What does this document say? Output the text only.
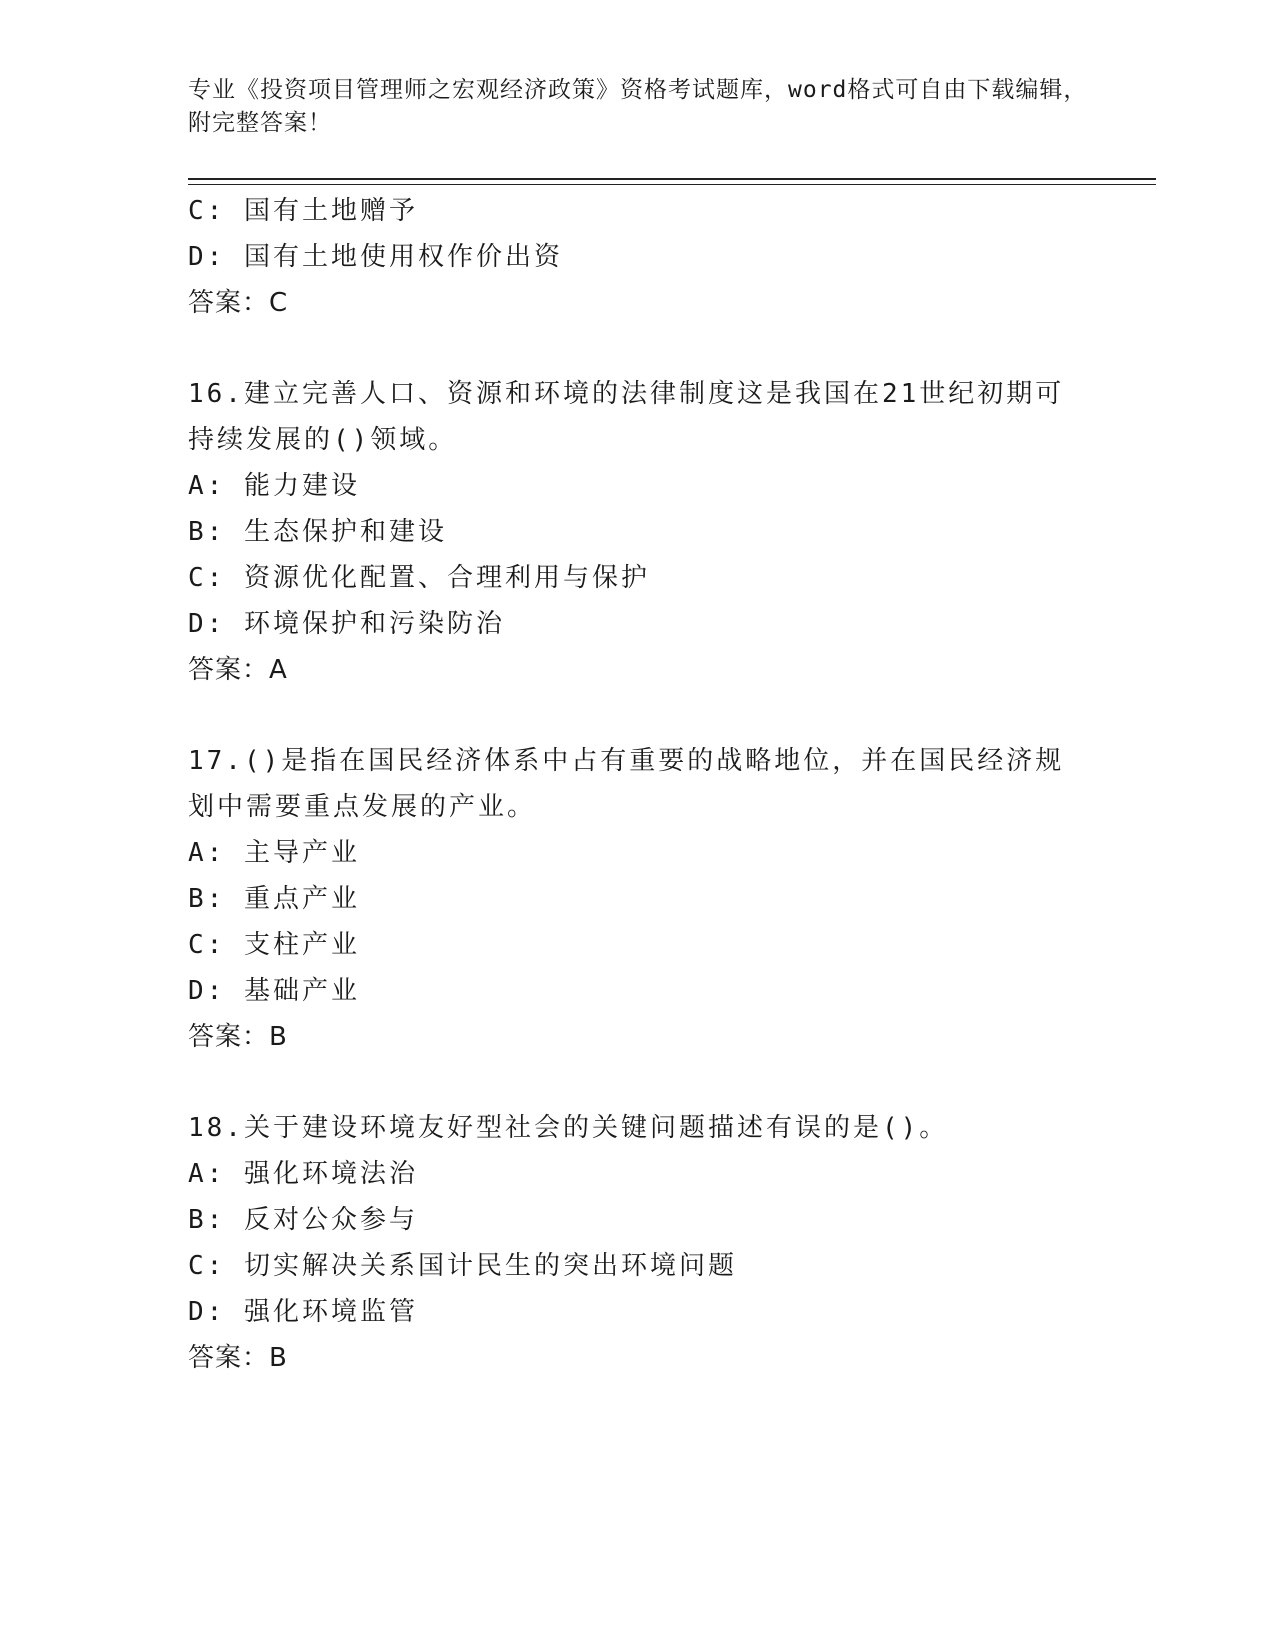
专业《投资项目管理师之宏观经济政策》资格考试题库，word格式可自由下载编辑，附完整答案！
C: 国有土地赠予
D: 国有土地使用权作价出资
答案：C
16.建立完善人口、资源和环境的法律制度这是我国在21世纪初期可持续发展的()领域。
A: 能力建设
B: 生态保护和建设
C: 资源优化配置、合理利用与保护
D: 环境保护和污染防治
答案：A
17.()是指在国民经济体系中占有重要的战略地位，并在国民经济规划中需要重点发展的产业。
A: 主导产业
B: 重点产业
C: 支柱产业
D: 基础产业
答案：B
18.关于建设环境友好型社会的关键问题描述有误的是()。
A: 强化环境法治
B: 反对公众参与
C: 切实解决关系国计民生的突出环境问题
D: 强化环境监管
答案：B
